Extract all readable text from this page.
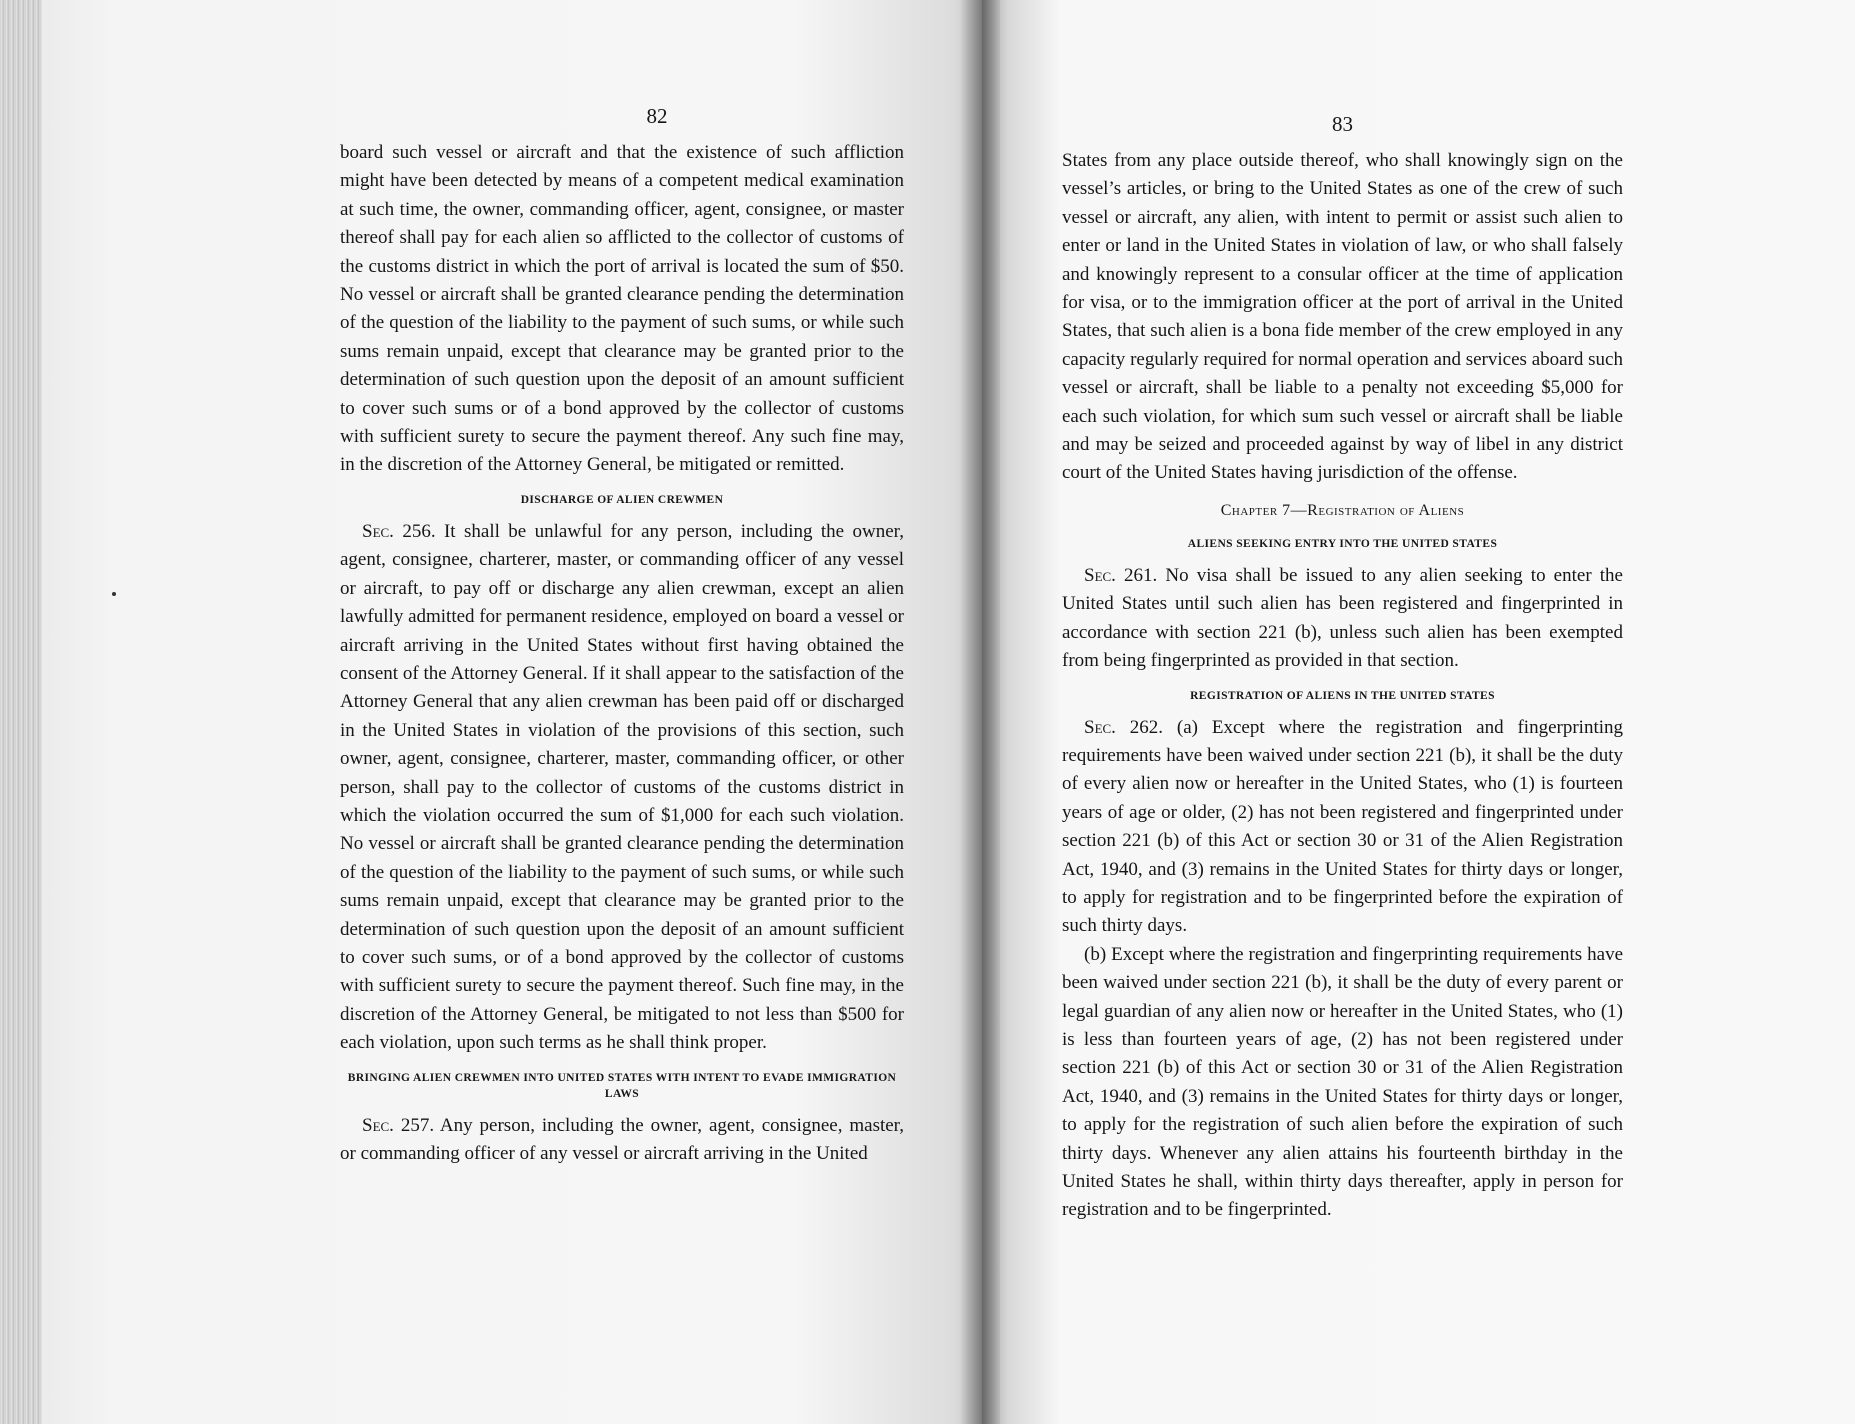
82

board such vessel or aircraft and that the existence of such affliction might have been detected by means of a competent medical examination at such time, the owner, commanding officer, agent, consignee, or master thereof shall pay for each alien so afflicted to the collector of customs of the customs district in which the port of arrival is located the sum of $50. No vessel or aircraft shall be granted clearance pending the determination of the question of the liability to the payment of such sums, or while such sums remain unpaid, except that clearance may be granted prior to the determination of such question upon the deposit of an amount sufficient to cover such sums or of a bond approved by the collector of customs with sufficient surety to secure the payment thereof. Any such fine may, in the discretion of the Attorney General, be mitigated or remitted.

DISCHARGE OF ALIEN CREWMEN

Sec. 256. It shall be unlawful for any person, including the owner, agent, consignee, charterer, master, or commanding officer of any vessel or aircraft, to pay off or discharge any alien crewman, except an alien lawfully admitted for permanent residence, employed on board a vessel or aircraft arriving in the United States without first having obtained the consent of the Attorney General. If it shall appear to the satisfaction of the Attorney General that any alien crewman has been paid off or discharged in the United States in violation of the provisions of this section, such owner, agent, consignee, charterer, master, commanding officer, or other person, shall pay to the collector of customs of the customs district in which the violation occurred the sum of $1,000 for each such violation. No vessel or aircraft shall be granted clearance pending the determination of the question of the liability to the payment of such sums, or while such sums remain unpaid, except that clearance may be granted prior to the determination of such question upon the deposit of an amount sufficient to cover such sums, or of a bond approved by the collector of customs with sufficient surety to secure the payment thereof. Such fine may, in the discretion of the Attorney General, be mitigated to not less than $500 for each violation, upon such terms as he shall think proper.

BRINGING ALIEN CREWMEN INTO UNITED STATES WITH INTENT TO EVADE IMMIGRATION LAWS

Sec. 257. Any person, including the owner, agent, consignee, master, or commanding officer of any vessel or aircraft arriving in the United

83

States from any place outside thereof, who shall knowingly sign on the vessel’s articles, or bring to the United States as one of the crew of such vessel or aircraft, any alien, with intent to permit or assist such alien to enter or land in the United States in violation of law, or who shall falsely and knowingly represent to a consular officer at the time of application for visa, or to the immigration officer at the port of arrival in the United States, that such alien is a bona fide member of the crew employed in any capacity regularly required for normal operation and services aboard such vessel or aircraft, shall be liable to a penalty not exceeding $5,000 for each such violation, for which sum such vessel or aircraft shall be liable and may be seized and proceeded against by way of libel in any district court of the United States having jurisdiction of the offense.

Chapter 7—Registration of Aliens
ALIENS SEEKING ENTRY INTO THE UNITED STATES

Sec. 261. No visa shall be issued to any alien seeking to enter the United States until such alien has been registered and fingerprinted in accordance with section 221 (b), unless such alien has been exempted from being fingerprinted as provided in that section.

REGISTRATION OF ALIENS IN THE UNITED STATES

Sec. 262. (a) Except where the registration and fingerprinting requirements have been waived under section 221 (b), it shall be the duty of every alien now or hereafter in the United States, who (1) is fourteen years of age or older, (2) has not been registered and fingerprinted under section 221 (b) of this Act or section 30 or 31 of the Alien Registration Act, 1940, and (3) remains in the United States for thirty days or longer, to apply for registration and to be fingerprinted before the expiration of such thirty days.

(b) Except where the registration and fingerprinting requirements have been waived under section 221 (b), it shall be the duty of every parent or legal guardian of any alien now or hereafter in the United States, who (1) is less than fourteen years of age, (2) has not been registered under section 221 (b) of this Act or section 30 or 31 of the Alien Registration Act, 1940, and (3) remains in the United States for thirty days or longer, to apply for the registration of such alien before the expiration of such thirty days. Whenever any alien attains his fourteenth birthday in the United States he shall, within thirty days thereafter, apply in person for registration and to be fingerprinted.
